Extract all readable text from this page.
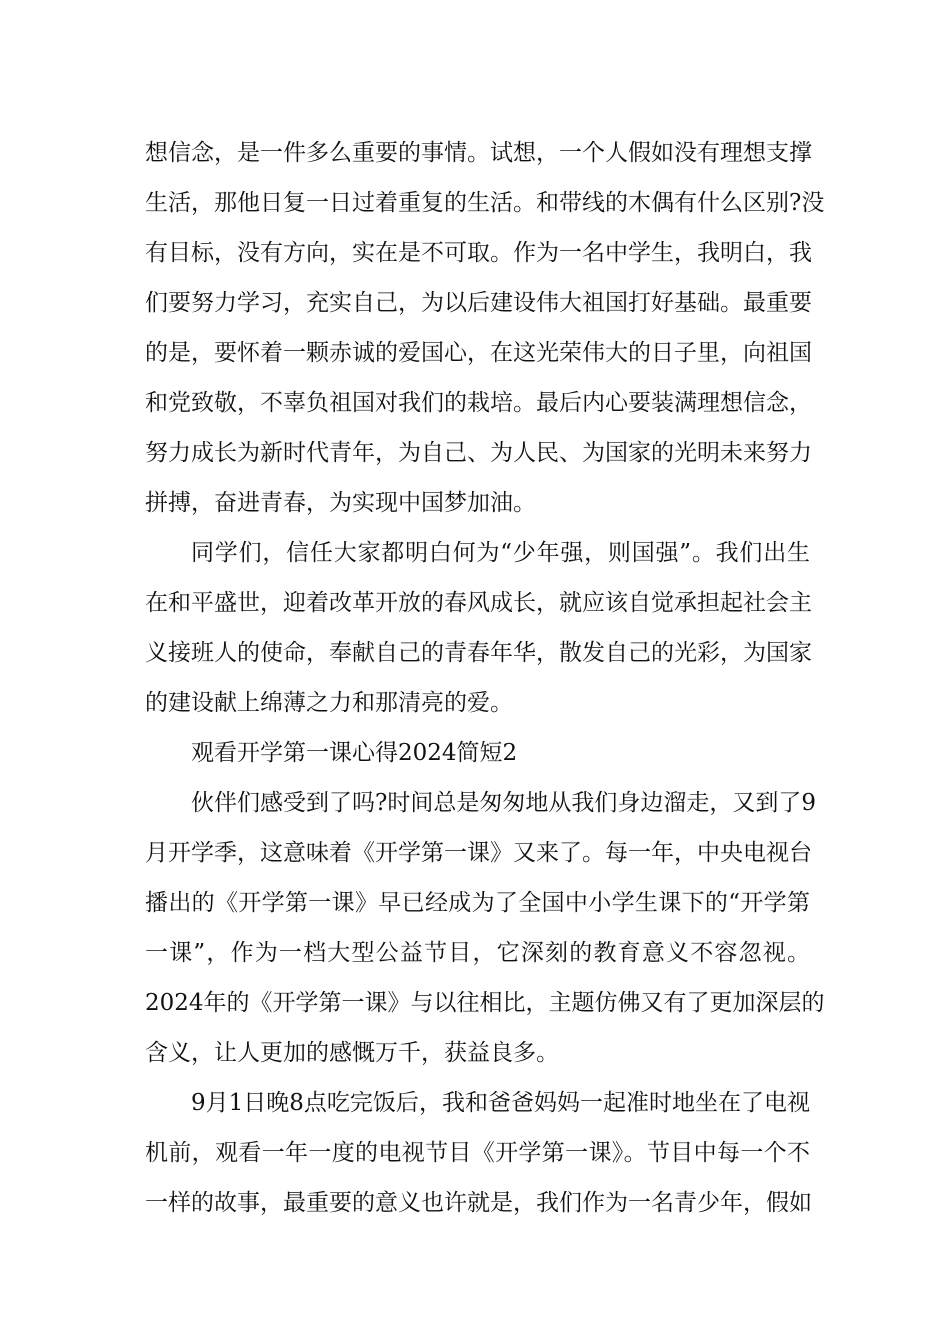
想信念，是一件多么重要的事情。试想，一个人假如没有理想支撑
生活，那他日复一日过着重复的生活。和带线的木偶有什么区别?没
有目标，没有方向，实在是不可取。作为一名中学生，我明白，我
们要努力学习，充实自己，为以后建设伟大祖国打好基础。最重要
的是，要怀着一颗赤诚的爱国心，在这光荣伟大的日子里，向祖国
和党致敬，不辜负祖国对我们的栽培。最后内心要装满理想信念，
努力成长为新时代青年，为自己、为人民、为国家的光明未来努力
拼搏，奋进青春，为实现中国梦加油。
同学们，信任大家都明白何为“少年强，则国强”。我们出生
在和平盛世，迎着改革开放的春风成长，就应该自觉承担起社会主
义接班人的使命，奉献自己的青春年华，散发自己的光彩，为国家
的建设献上绵薄之力和那清亮的爱。
观看开学第一课心得2024简短2
伙伴们感受到了吗?时间总是匆匆地从我们身边溜走，又到了9
月开学季，这意味着《开学第一课》又来了。每一年，中央电视台
播出的《开学第一课》早已经成为了全国中小学生课下的“开学第
一课”，作为一档大型公益节目，它深刻的教育意义不容忽视。
2024年的《开学第一课》与以往相比，主题仿佛又有了更加深层的
含义，让人更加的感慨万千，获益良多。
9月1日晚8点吃完饭后，我和爸爸妈妈一起准时地坐在了电视
机前，观看一年一度的电视节目《开学第一课》。节目中每一个不
一样的故事，最重要的意义也许就是，我们作为一名青少年，假如
